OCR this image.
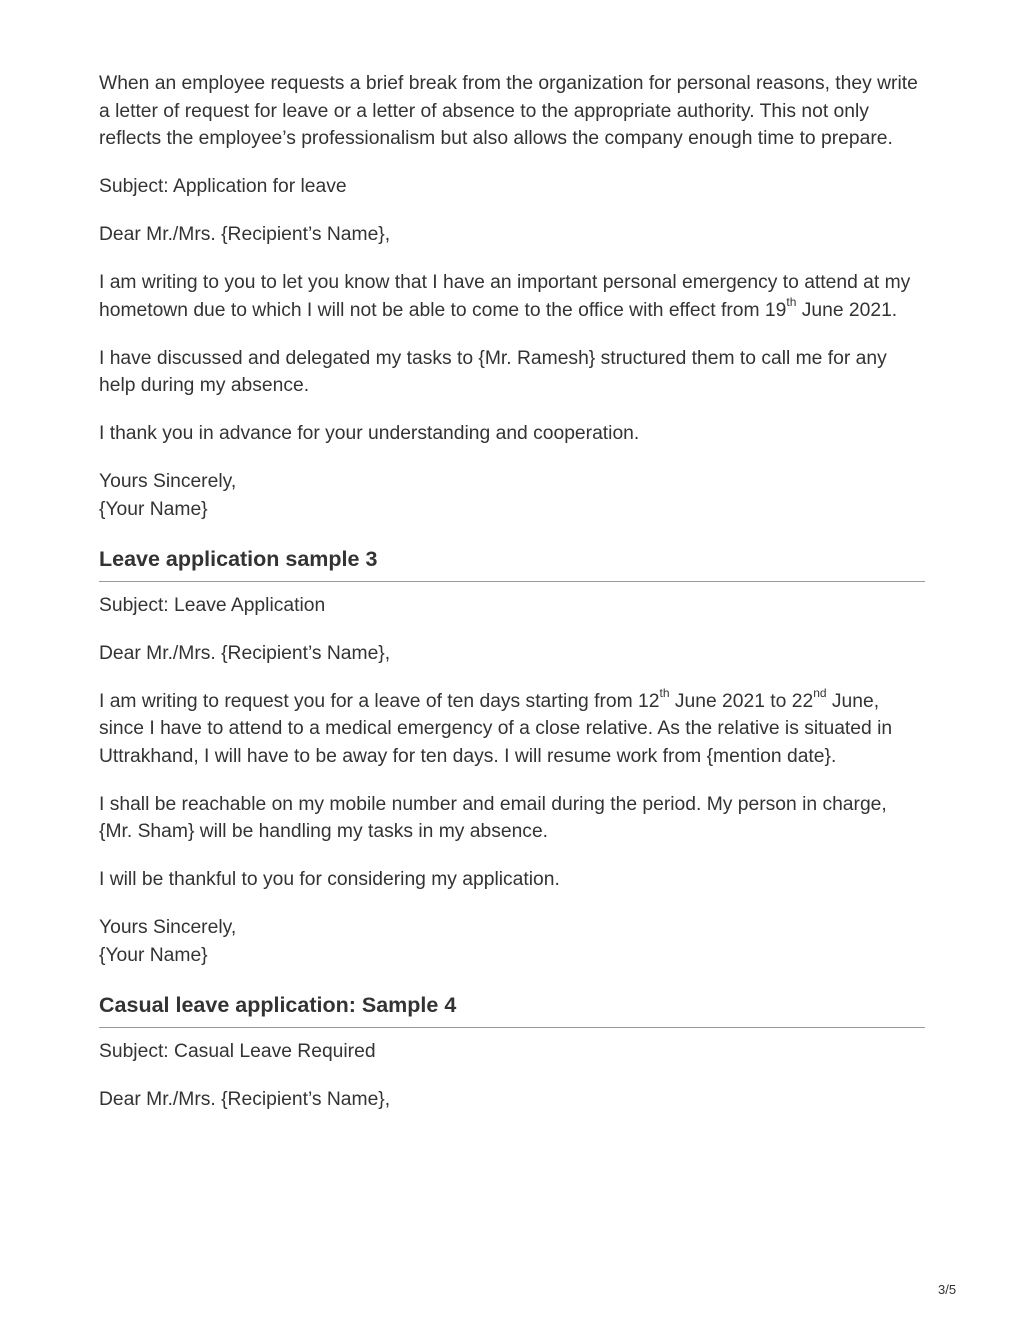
When an employee requests a brief break from the organization for personal reasons, they write a letter of request for leave or a letter of absence to the appropriate authority. This not only reflects the employee’s professionalism but also allows the company enough time to prepare.

Subject: Application for leave

Dear Mr./Mrs. {Recipient’s Name},

I am writing to you to let you know that I have an important personal emergency to attend at my hometown due to which I will not be able to come to the office with effect from 19th June 2021.

I have discussed and delegated my tasks to {Mr. Ramesh} structured them to call me for any help during my absence.

I thank you in advance for your understanding and cooperation.

Yours Sincerely,

{Your Name}

Leave application sample 3

Subject: Leave Application

Dear Mr./Mrs. {Recipient’s Name},

I am writing to request you for a leave of ten days starting from 12th June 2021 to 22nd June, since I have to attend to a medical emergency of a close relative. As the relative is situated in Uttrakhand, I will have to be away for ten days. I will resume work from {mention date}.

I shall be reachable on my mobile number and email during the period. My person in charge, {Mr. Sham} will be handling my tasks in my absence.

I will be thankful to you for considering my application.

Yours Sincerely,

{Your Name}

Casual leave application: Sample 4

Subject: Casual Leave Required

Dear Mr./Mrs. {Recipient’s Name},

3/5
